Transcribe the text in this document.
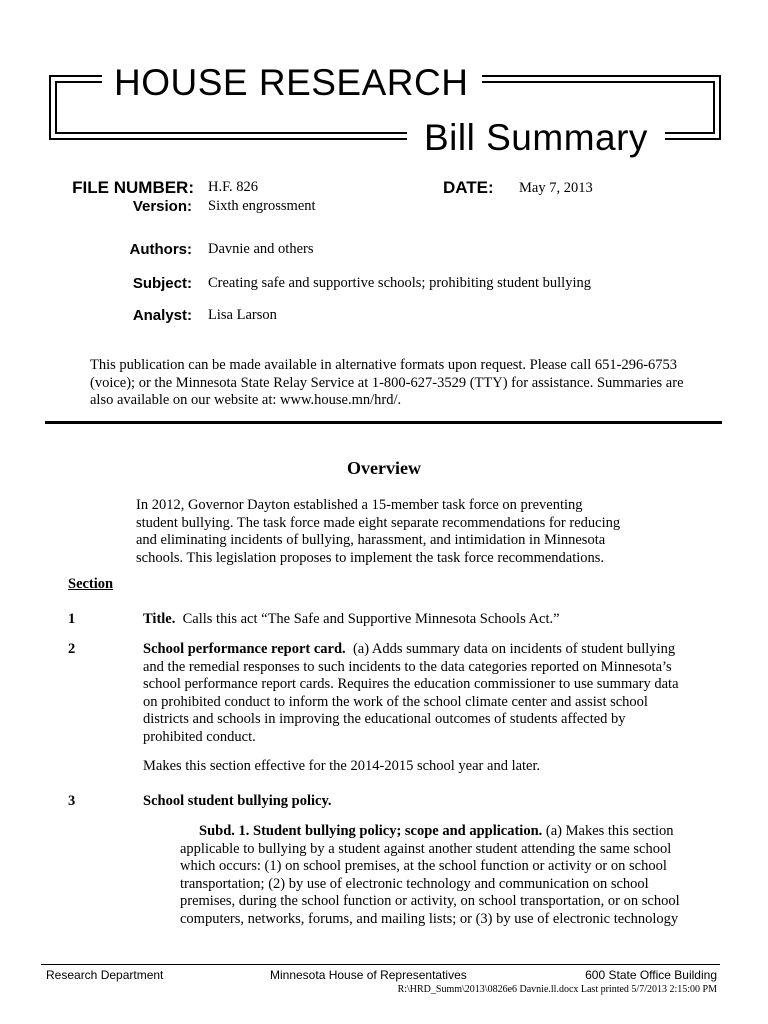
HOUSE RESEARCH
Bill Summary
FILE NUMBER: H.F. 826	DATE: May 7, 2013
Version: Sixth engrossment
Authors: Davnie and others
Subject: Creating safe and supportive schools; prohibiting student bullying
Analyst: Lisa Larson
This publication can be made available in alternative formats upon request. Please call 651-296-6753
(voice); or the Minnesota State Relay Service at 1-800-627-3529 (TTY) for assistance. Summaries are
also available on our website at: www.house.mn/hrd/.
Overview
In 2012, Governor Dayton established a 15-member task force on preventing
student bullying. The task force made eight separate recommendations for reducing
and eliminating incidents of bullying, harassment, and intimidation in Minnesota
schools. This legislation proposes to implement the task force recommendations.
Section
1	Title. Calls this act “The Safe and Supportive Minnesota Schools Act.”
2	School performance report card. (a) Adds summary data on incidents of student bullying
and the remedial responses to such incidents to the data categories reported on Minnesota’s
school performance report cards. Requires the education commissioner to use summary data
on prohibited conduct to inform the work of the school climate center and assist school
districts and schools in improving the educational outcomes of students affected by
prohibited conduct.
Makes this section effective for the 2014-2015 school year and later.
3	School student bullying policy.
Subd. 1. Student bullying policy; scope and application. (a) Makes this section
applicable to bullying by a student against another student attending the same school
which occurs: (1) on school premises, at the school function or activity or on school
transportation; (2) by use of electronic technology and communication on school
premises, during the school function or activity, on school transportation, or on school
computers, networks, forums, and mailing lists; or (3) by use of electronic technology
Research Department	Minnesota House of Representatives	600 State Office Building
R:\HRD_Summ\2013\0826e6 Davnie.ll.docx Last printed 5/7/2013 2:15:00 PM
